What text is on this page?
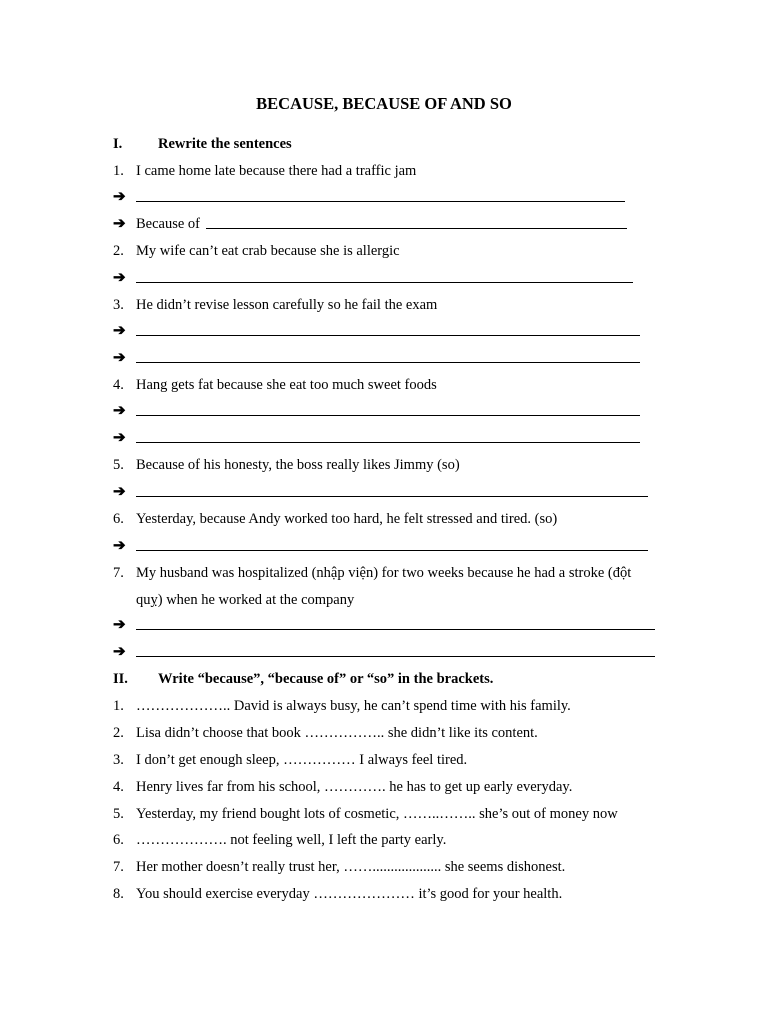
BECAUSE, BECAUSE OF AND SO
I. Rewrite the sentences
1. I came home late because there had a traffic jam
➔
➔ Because of
2. My wife can’t eat crab because she is allergic
➔
3. He didn’t revise lesson carefully so he fail the exam
➔
➔
4. Hang gets fat because she eat too much sweet foods
➔
➔
5. Because of his honesty, the boss really likes Jimmy (so)
➔
6. Yesterday, because Andy worked too hard, he felt stressed and tired. (so)
➔
7. My husband was hospitalized (nhập viện) for two weeks because he had a stroke (đột
quỵ) when he worked at the company
➔
➔
II. Write “because”, “because of” or “so” in the brackets.
1. ……………….. David is always busy, he can’t spend time with his family.
2. Lisa didn’t choose that book …………….. she didn’t like its content.
3. I don’t get enough sleep, …………… I always feel tired.
4. Henry lives far from his school, …………. he has to get up early everyday.
5. Yesterday, my friend bought lots of cosmetic, ……..…….. she’s out of money now
6. ………………. not feeling well, I left the party early.
7. Her mother doesn’t really trust her, ……................... she seems dishonest.
8. You should exercise everyday ………………… it’s good for your health.
